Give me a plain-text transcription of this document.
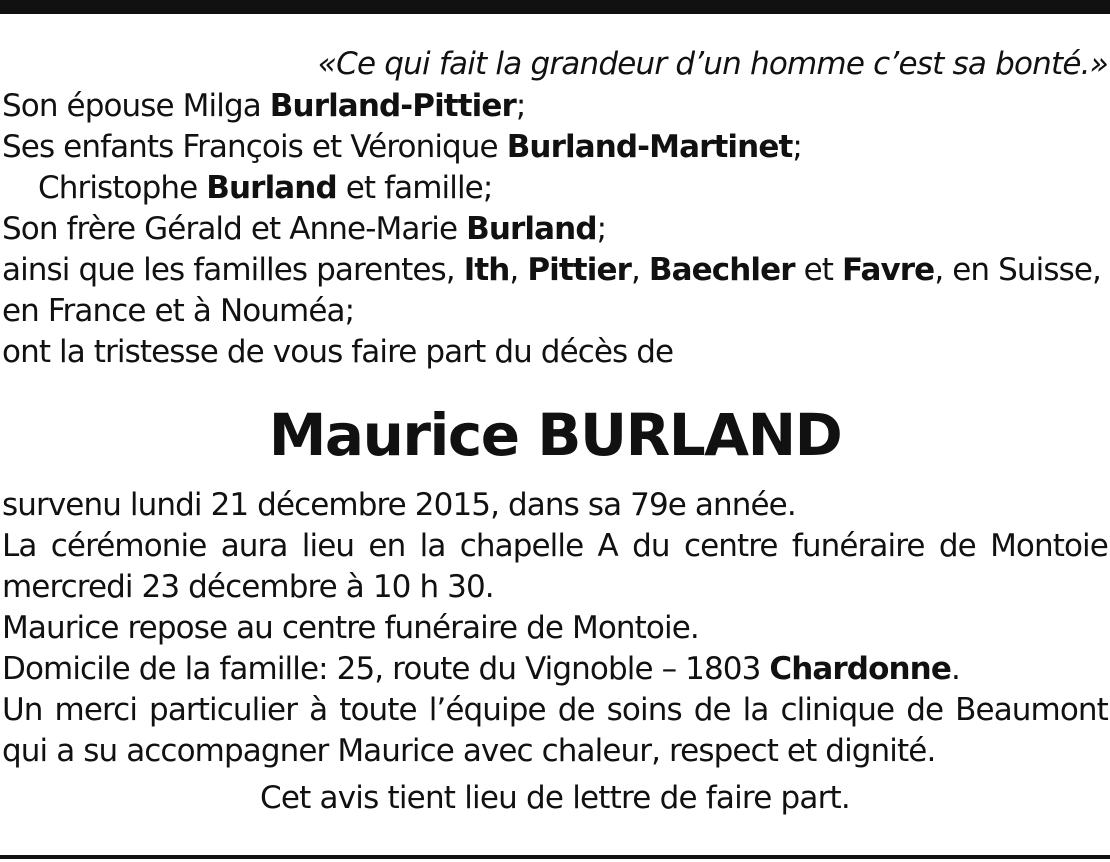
«Ce qui fait la grandeur d’un homme c’est sa bonté.»

Son épouse Milga Burland-Pittier;

Ses enfants François et Véronique Burland-Martinet;

Christophe Burland et famille;

Son frère Gérald et Anne-Marie Burland;

ainsi que les familles parentes, Ith, Pittier, Baechler et Favre, en Suisse,

en France et à Nouméa;

ont la tristesse de vous faire part du décès de

Maurice BURLAND

survenu lundi 21 décembre 2015, dans sa 79e année.

La cérémonie aura lieu en la chapelle A du centre funéraire de Montoie

mercredi 23 décembre à 10 h 30.

Maurice repose au centre funéraire de Montoie.

Domicile de la famille: 25, route du Vignoble – 1803 Chardonne.

Un merci particulier à toute l’équipe de soins de la clinique de Beaumont

qui a su accompagner Maurice avec chaleur, respect et dignité.

Cet avis tient lieu de lettre de faire part.
